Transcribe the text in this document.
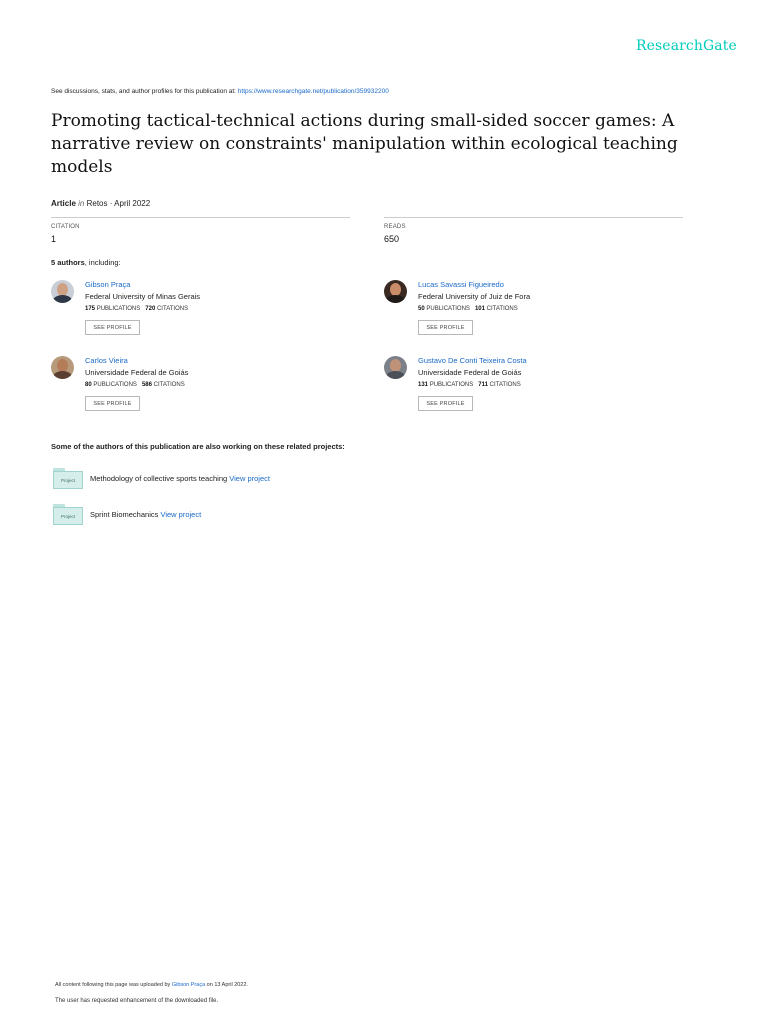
ResearchGate
See discussions, stats, and author profiles for this publication at: https://www.researchgate.net/publication/359932200
Promoting tactical-technical actions during small-sided soccer games: A narrative review on constraints' manipulation within ecological teaching models
Article in Retos · April 2022
CITATION
1
READS
650
5 authors, including:
Gibson Praça
Federal University of Minas Gerais
175 PUBLICATIONS 720 CITATIONS
SEE PROFILE
Lucas Savassi Figueiredo
Federal University of Juiz de Fora
50 PUBLICATIONS 101 CITATIONS
SEE PROFILE
Carlos Vieira
Universidade Federal de Goiás
80 PUBLICATIONS 586 CITATIONS
SEE PROFILE
Gustavo De Conti Teixeira Costa
Universidade Federal de Goiás
131 PUBLICATIONS 711 CITATIONS
SEE PROFILE
Some of the authors of this publication are also working on these related projects:
Project	Methodology of collective sports teaching View project
Project	Sprint Biomechanics View project
All content following this page was uploaded by Gibson Praça on 13 April 2022.
The user has requested enhancement of the downloaded file.
